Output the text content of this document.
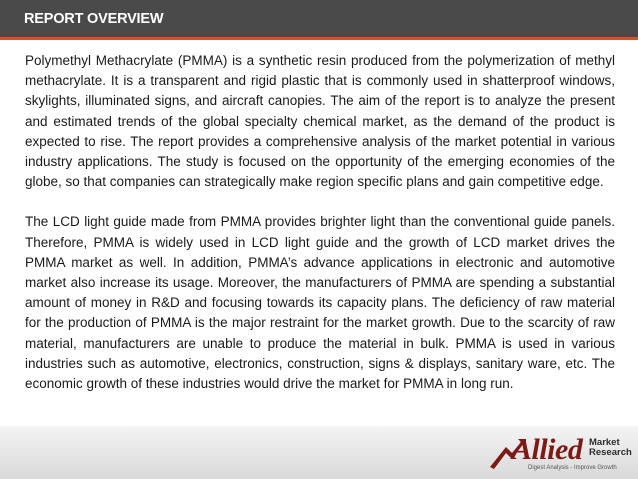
REPORT OVERVIEW

Polymethyl Methacrylate (PMMA) is a synthetic resin produced from the polymerization of methyl methacrylate. It is a transparent and rigid plastic that is commonly used in shatterproof windows, skylights, illuminated signs, and aircraft canopies. The aim of the report is to analyze the present and estimated trends of the global specialty chemical market, as the demand of the product is expected to rise. The report provides a comprehensive analysis of the market potential in various industry applications. The study is focused on the opportunity of the emerging economies of the globe, so that companies can strategically make region specific plans and gain competitive edge.

The LCD light guide made from PMMA provides brighter light than the conventional guide panels. Therefore, PMMA is widely used in LCD light guide and the growth of LCD market drives the PMMA market as well. In addition, PMMA’s advance applications in electronic and automotive market also increase its usage. Moreover, the manufacturers of PMMA are spending a substantial amount of money in R&D and focusing towards its capacity plans. The deficiency of raw material for the production of PMMA is the major restraint for the market growth. Due to the scarcity of raw material, manufacturers are unable to produce the material in bulk. PMMA is used in various industries such as automotive, electronics, construction, signs & displays, sanitary ware, etc. The economic growth of these industries would drive the market for PMMA in long run.

Allied Market
Research
Digest Analysis - Improve Growth
